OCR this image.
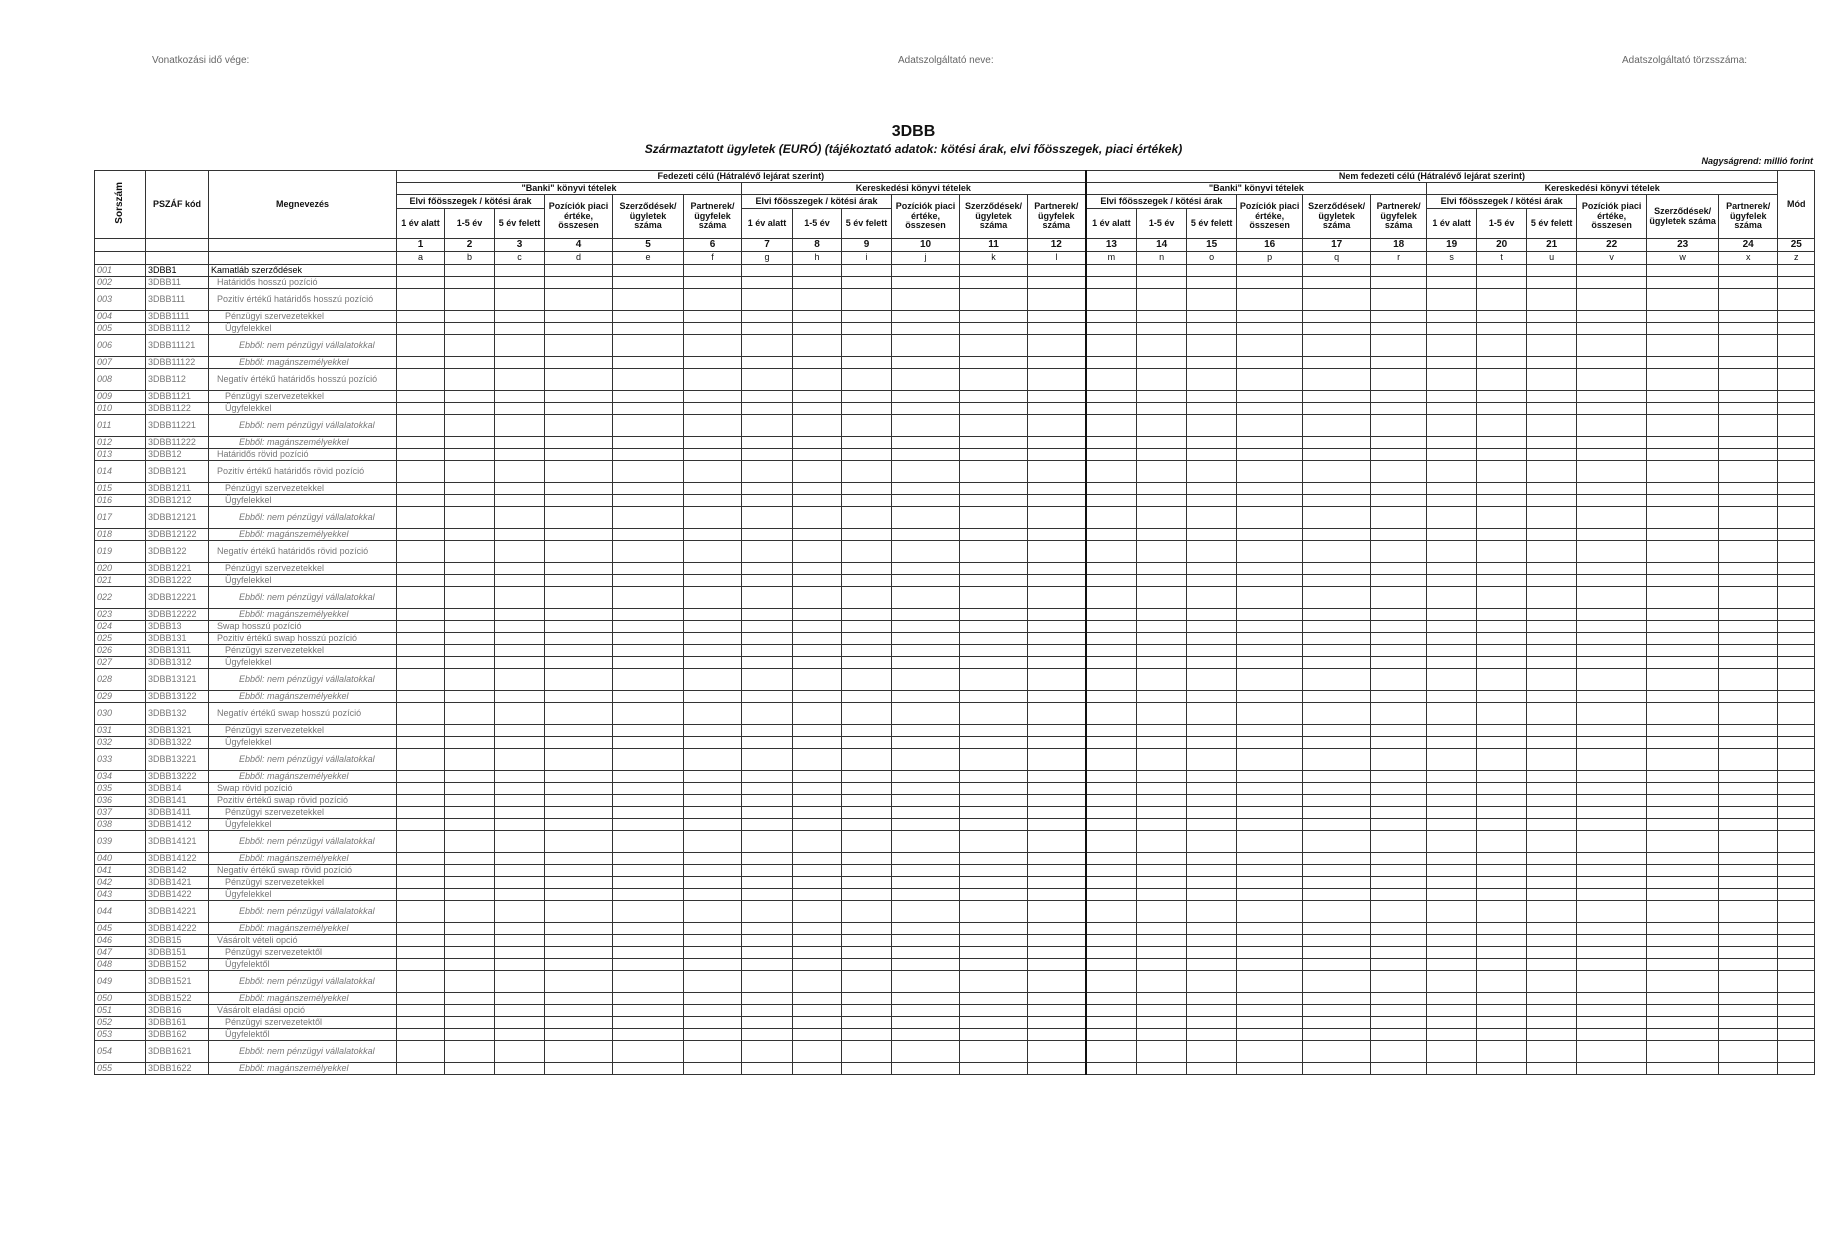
Vonatkozási idő vége:	Adatszolgáltató neve:	Adatszolgáltató törzsszáma:
3DBB
Származtatott ügyletek (EURÓ) (tájékoztató adatok: kötési árak, elvi főösszegek, piaci értékek)
Nagyságrend: millió forint
Sorszám	PSZÁF kód	Megnevezés	Fedezeti célú (Hátralévő lejárat szerint)												Nem fedezeti célú (Hátralévő lejárat szerint)												Mód
			"Banki" könyvi tételek						Kereskedési könyvi tételek						"Banki" könyvi tételek						Kereskedési könyvi tételek						
			Elvi főösszegek / kötési árak			Pozíciók piaci értéke, összesen	Szerződések/ ügyletek száma	Partnerek/ ügyfelek száma	Elvi főösszegek / kötési árak			Pozíciók piaci értéke, összesen	Szerződések/ ügyletek száma	Partnerek/ ügyfelek száma	Elvi főösszegek / kötési árak			Pozíciók piaci értéke, összesen	Szerződések/ ügyletek száma	Partnerek/ ügyfelek száma	Elvi főösszegek / kötési árak			Pozíciók piaci értéke, összesen	Szerződések/ ügyletek száma	Partnerek/ ügyfelek száma	
			1 év alatt	1-5 év	5 év felett				1 év alatt	1-5 év	5 év felett				1 év alatt	1-5 év	5 év felett				1 év alatt	1-5 év	5 év felett				
			1	2	3	4	5	6	7	8	9	10	11	12	13	14	15	16	17	18	19	20	21	22	23	24	25
			a	b	c	d	e	f	g	h	i	j	k	l	m	n	o	p	q	r	s	t	u	v	w	x	z
001	3DBB1	Kamatláb szerződések																									
002	3DBB11	Határidős hosszú pozíció																									
003	3DBB111	Pozitív értékű határidős hosszú pozíció																									
004	3DBB1111	Pénzügyi szervezetekkel																									
005	3DBB1112	Ügyfelekkel																									
006	3DBB11121	Ebből: nem pénzügyi vállalatokkal																									
007	3DBB11122	Ebből: magánszemélyekkel																									
008	3DBB112	Negatív értékű határidős hosszú pozíció																									
009	3DBB1121	Pénzügyi szervezetekkel																									
010	3DBB1122	Ügyfelekkel																									
011	3DBB11221	Ebből: nem pénzügyi vállalatokkal																									
012	3DBB11222	Ebből: magánszemélyekkel																									
013	3DBB12	Határidős rövid pozíció																									
014	3DBB121	Pozitív értékű határidős rövid pozíció																									
015	3DBB1211	Pénzügyi szervezetekkel																									
016	3DBB1212	Ügyfelekkel																									
017	3DBB12121	Ebből: nem pénzügyi vállalatokkal																									
018	3DBB12122	Ebből: magánszemélyekkel																									
019	3DBB122	Negatív értékű határidős rövid pozíció																									
020	3DBB1221	Pénzügyi szervezetekkel																									
021	3DBB1222	Ügyfelekkel																									
022	3DBB12221	Ebből: nem pénzügyi vállalatokkal																									
023	3DBB12222	Ebből: magánszemélyekkel																									
024	3DBB13	Swap hosszú pozíció																									
025	3DBB131	Pozitív értékű swap hosszú pozíció																									
026	3DBB1311	Pénzügyi szervezetekkel																									
027	3DBB1312	Ügyfelekkel																									
028	3DBB13121	Ebből: nem pénzügyi vállalatokkal																									
029	3DBB13122	Ebből: magánszemélyekkel																									
030	3DBB132	Negatív értékű swap hosszú pozíció																									
031	3DBB1321	Pénzügyi szervezetekkel																									
032	3DBB1322	Ügyfelekkel																									
033	3DBB13221	Ebből: nem pénzügyi vállalatokkal																									
034	3DBB13222	Ebből: magánszemélyekkel																									
035	3DBB14	Swap rövid pozíció																									
036	3DBB141	Pozitív értékű swap rövid pozíció																									
037	3DBB1411	Pénzügyi szervezetekkel																									
038	3DBB1412	Ügyfelekkel																									
039	3DBB14121	Ebből: nem pénzügyi vállalatokkal																									
040	3DBB14122	Ebből: magánszemélyekkel																									
041	3DBB142	Negatív értékű swap rövid pozíció																									
042	3DBB1421	Pénzügyi szervezetekkel																									
043	3DBB1422	Ügyfelekkel																									
044	3DBB14221	Ebből: nem pénzügyi vállalatokkal																									
045	3DBB14222	Ebből: magánszemélyekkel																									
046	3DBB15	Vásárolt vételi opció																									
047	3DBB151	Pénzügyi szervezetektől																									
048	3DBB152	Ügyfelektől																									
049	3DBB1521	Ebből: nem pénzügyi vállalatokkal																									
050	3DBB1522	Ebből: magánszemélyekkel																									
051	3DBB16	Vásárolt eladási opció																									
052	3DBB161	Pénzügyi szervezetektől																									
053	3DBB162	Ügyfelektől																									
054	3DBB1621	Ebből: nem pénzügyi vállalatokkal																									
055	3DBB1622	Ebből: magánszemélyekkel																									
